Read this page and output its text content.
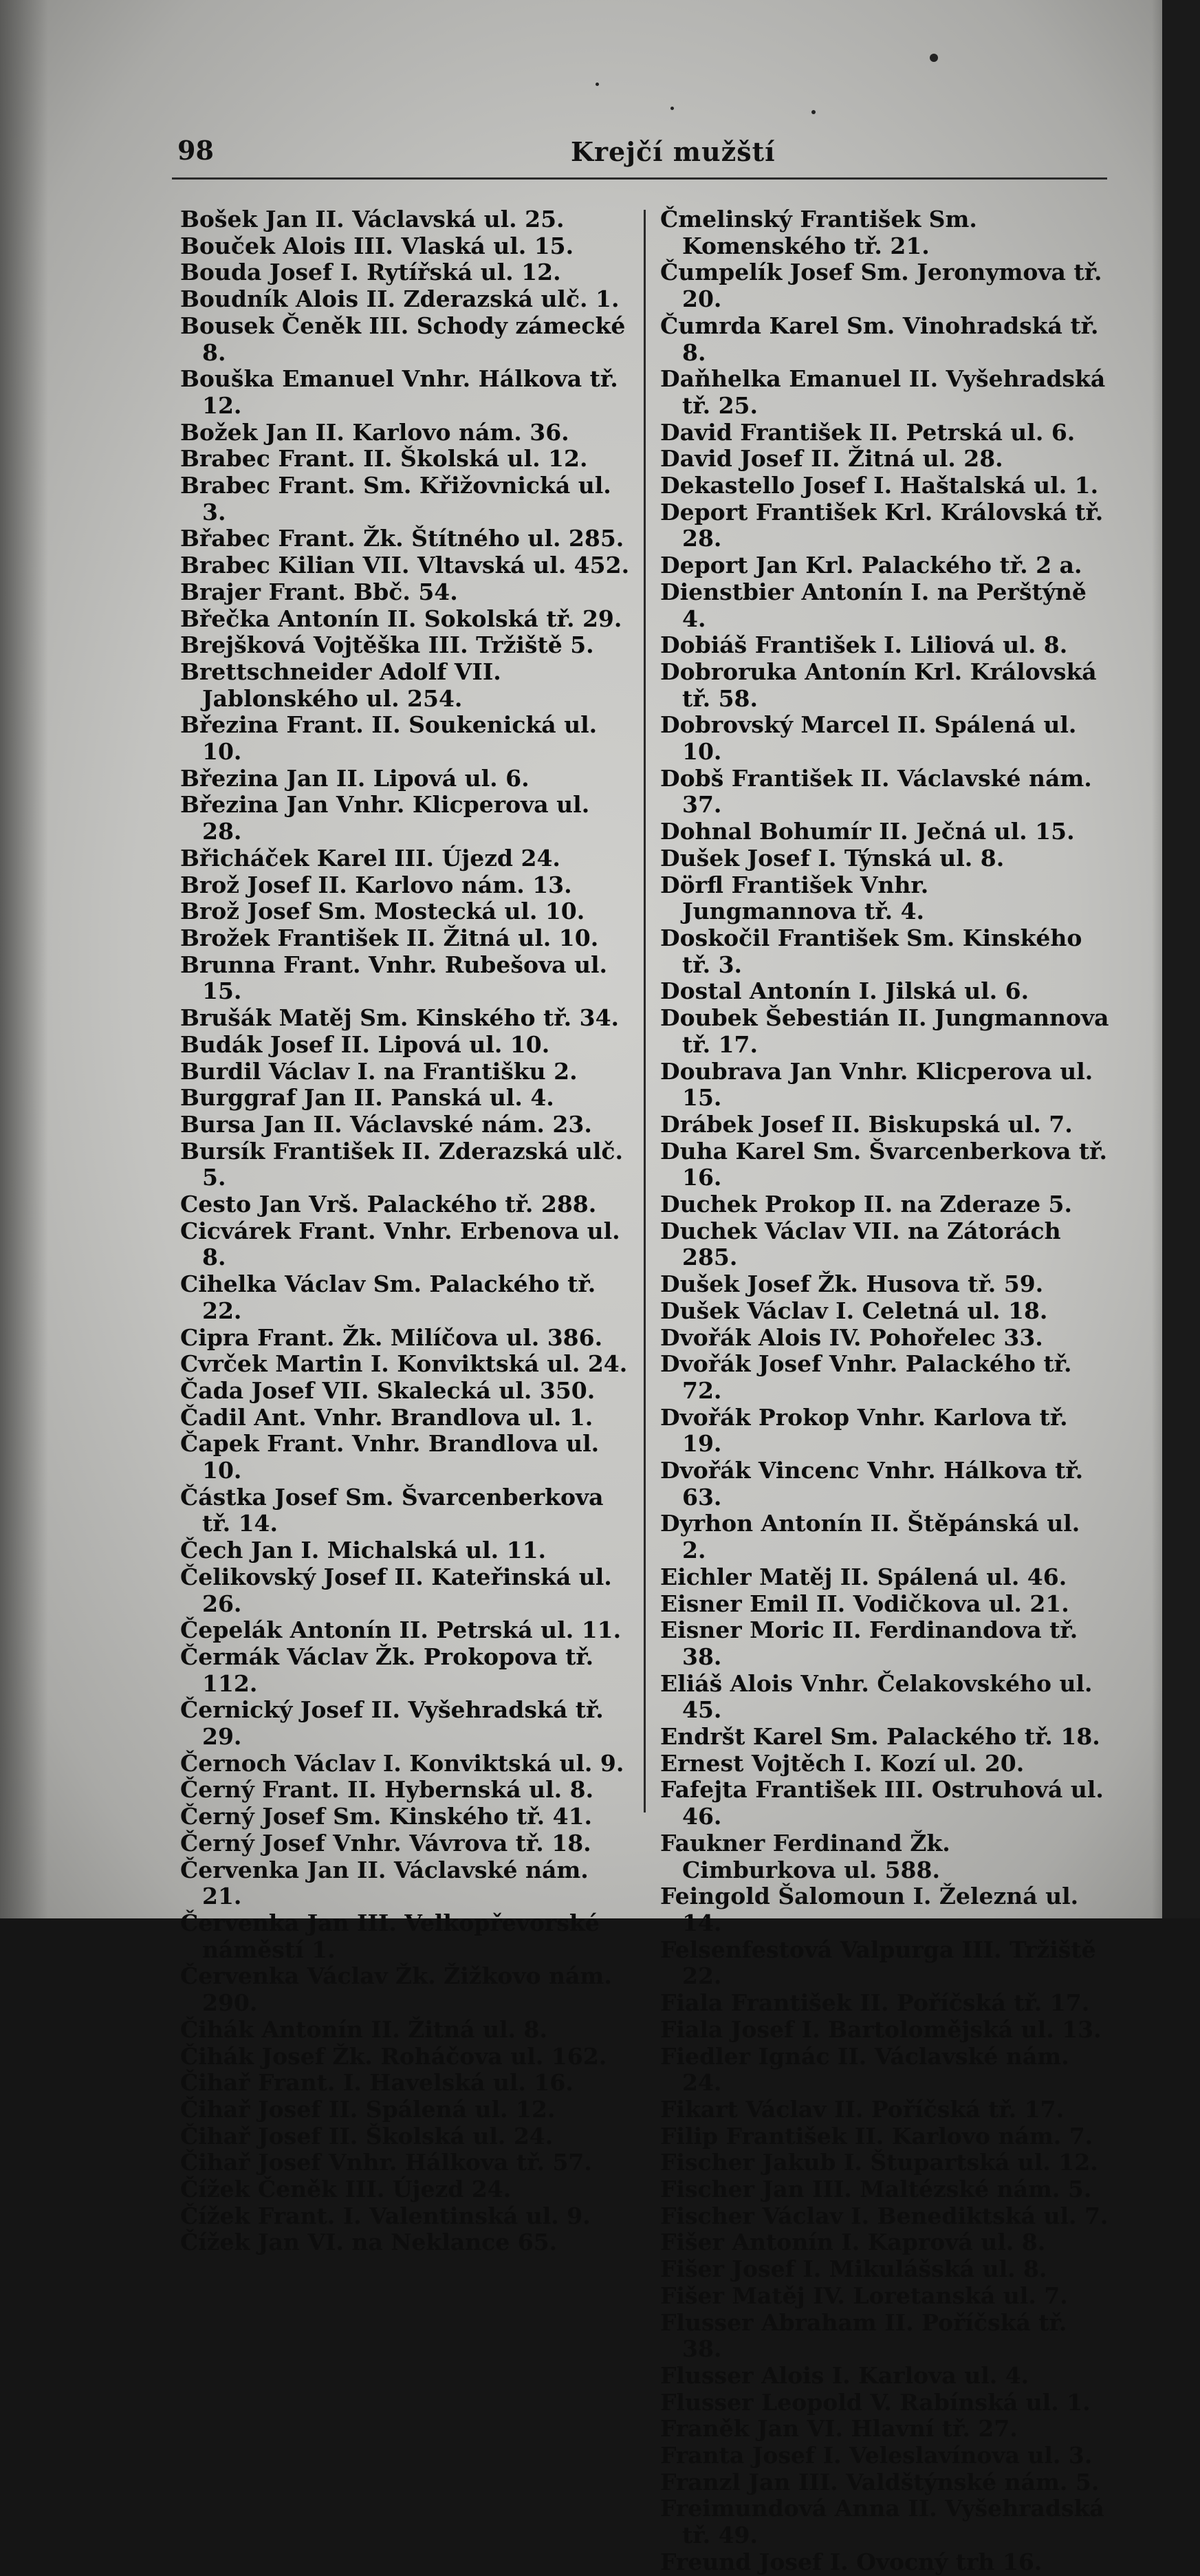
98	Krejčí mužští
Bošek Jan II. Václavská ul. 25.
Bouček Alois III. Vlaská ul. 15.
Bouda Josef I. Rytířská ul. 12.
Boudník Alois II. Zderazská ulč. 1.
Bousek Čeněk III. Schody zámecké 8.
Bouška Emanuel Vnhr. Hálkova tř. 12.
Božek Jan II. Karlovo nám. 36.
Brabec Frant. II. Školská ul. 12.
Brabec Frant. Sm. Křižovnická ul. 3.
Břabec Frant. Žk. Štítného ul. 285.
Brabec Kilian VII. Vltavská ul. 452.
Brajer Frant. Bbč. 54.
Břečka Antonín II. Sokolská tř. 29.
Brejšková Vojtěška III. Tržiště 5.
Brettschneider Adolf VII. Jablonského ul. 254.
Březina Frant. II. Soukenická ul. 10.
Březina Jan II. Lipová ul. 6.
Březina Jan Vnhr. Klicperova ul. 28.
Břicháček Karel III. Újezd 24.
Brož Josef II. Karlovo nám. 13.
Brož Josef Sm. Mostecká ul. 10.
Brožek František II. Žitná ul. 10.
Brunna Frant. Vnhr. Rubešova ul. 15.
Brušák Matěj Sm. Kinského tř. 34.
Budák Josef II. Lipová ul. 10.
Burdil Václav I. na Františku 2.
Burggraf Jan II. Panská ul. 4.
Bursa Jan II. Václavské nám. 23.
Bursík František II. Zderazská ulč. 5.
Cesto Jan Vrš. Palackého tř. 288.
Cicvárek Frant. Vnhr. Erbenova ul. 8.
Cihelka Václav Sm. Palackého tř. 22.
Cipra Frant. Žk. Milíčova ul. 386.
Cvrček Martin I. Konviktská ul. 24.
Čada Josef VII. Skalecká ul. 350.
Čadil Ant. Vnhr. Brandlova ul. 1.
Čapek Frant. Vnhr. Brandlova ul. 10.
Částka Josef Sm. Švarcenberkova tř. 14.
Čech Jan I. Michalská ul. 11.
Čelikovský Josef II. Kateřinská ul. 26.
Čepelák Antonín II. Petrská ul. 11.
Čermák Václav Žk. Prokopova tř. 112.
Černický Josef II. Vyšehradská tř. 29.
Černoch Václav I. Konviktská ul. 9.
Černý Frant. II. Hybernská ul. 8.
Černý Josef Sm. Kinského tř. 41.
Černý Josef Vnhr. Vávrova tř. 18.
Červenka Jan II. Václavské nám. 21.
Červenka Jan III. Velkopřevorské náměstí 1.
Červenka Václav Žk. Žižkovo nám. 290.
Čihák Antonín II. Žitná ul. 8.
Čihák Josef Žk. Roháčova ul. 162.
Čihař Frant. I. Havelská ul. 16.
Čihař Josef II. Spálená ul. 12.
Čihař Josef II. Školská ul. 24.
Čihař Josef Vnhr. Hálkova tř. 57.
Čížek Čeněk III. Újezd 24.
Čížek Frant. I. Valentinská ul. 9.
Čížek Jan VI. na Neklance 65.
Čmelinský František Sm. Komenského tř. 21.
Čumpelík Josef Sm. Jeronymova tř. 20.
Čumrda Karel Sm. Vinohradská tř. 8.
Daňhelka Emanuel II. Vyšehradská tř. 25.
David František II. Petrská ul. 6.
David Josef II. Žitná ul. 28.
Dekastello Josef I. Haštalská ul. 1.
Deport František Krl. Královská tř. 28.
Deport Jan Krl. Palackého tř. 2 a.
Dienstbier Antonín I. na Perštýně 4.
Dobiáš František I. Liliová ul. 8.
Dobroruka Antonín Krl. Královská tř. 58.
Dobrovský Marcel II. Spálená ul. 10.
Dobš František II. Václavské nám. 37.
Dohnal Bohumír II. Ječná ul. 15.
Dušek Josef I. Týnská ul. 8.
Dörfl František Vnhr. Jungmannova tř. 4.
Doskočil František Sm. Kinského tř. 3.
Dostal Antonín I. Jilská ul. 6.
Doubek Šebestián II. Jungmannova tř. 17.
Doubrava Jan Vnhr. Klicperova ul. 15.
Drábek Josef II. Biskupská ul. 7.
Duha Karel Sm. Švarcenberkova tř. 16.
Duchek Prokop II. na Zderaze 5.
Duchek Václav VII. na Zátorách 285.
Dušek Josef Žk. Husova tř. 59.
Dušek Václav I. Celetná ul. 18.
Dvořák Alois IV. Pohořelec 33.
Dvořák Josef Vnhr. Palackého tř. 72.
Dvořák Prokop Vnhr. Karlova tř. 19.
Dvořák Vincenc Vnhr. Hálkova tř. 63.
Dyrhon Antonín II. Štěpánská ul. 2.
Eichler Matěj II. Spálená ul. 46.
Eisner Emil II. Vodičkova ul. 21.
Eisner Moric II. Ferdinandova tř. 38.
Eliáš Alois Vnhr. Čelakovského ul. 45.
Endršt Karel Sm. Palackého tř. 18.
Ernest Vojtěch I. Kozí ul. 20.
Fafejta František III. Ostruhová ul. 46.
Faukner Ferdinand Žk. Cimburkova ul. 588.
Feingold Šalomoun I. Železná ul. 14.
Felsenfestová Valpurga III. Tržiště 22.
Fiala František II. Poříčská tř. 17.
Fiala Josef I. Bartolomějská ul. 13.
Fiedler Ignác II. Václavské nám. 24.
Fikart Václav II. Poříčská tř. 17.
Filip František II. Karlovo nám. 7.
Fischer Jakub I. Štupartská ul. 12.
Fischer Jan III. Maltézské nám. 5.
Fischer Václav I. Benediktská ul. 7.
Fišer Antonín I. Kaprová ul. 8.
Fišer Josef I. Mikulášská ul. 8.
Fišer Matěj IV. Loretanská ul. 7.
Flusser Abraham II. Poříčská tř. 38.
Flusser Alois I. Karlova ul. 4.
Flusser Leopold V. Rabínská ul. 1.
Franěk Jan VI. Hlavní tř. 27.
Franta Josef I. Veleslavínova ul. 3.
Franzl Jan III. Valdštýnské nám. 5.
Freimundová Anna II. Vyšehradská tř. 49.
Freund Josef I. Ovocný trh 16.
